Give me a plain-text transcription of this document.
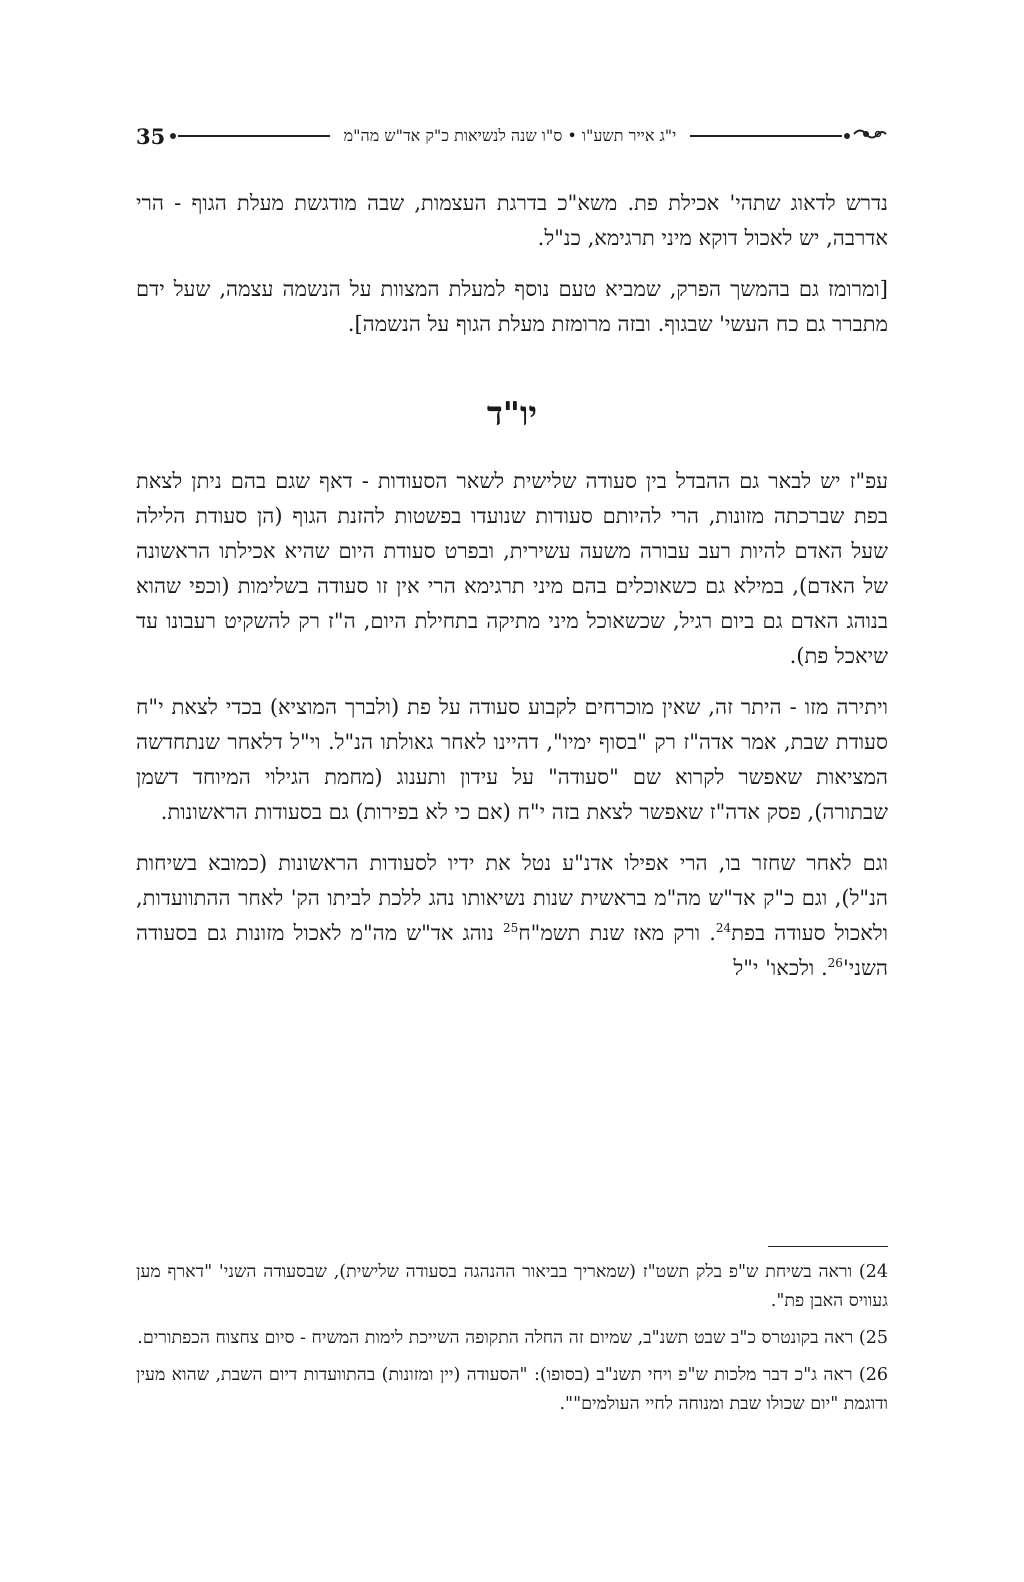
35	י"ג אייר תשע"ו • ס"ו שנה לנשיאות כ"ק אד"ש מה"מ

נדרש לדאוג שתהי' אכילת פת. משא"כ בדרגת העצמות, שבה מודגשת מעלת הגוף - הרי אדרבה, יש לאכול דוקא מיני תרגימא, כנ"ל.

[ומרומז גם בהמשך הפרק, שמביא טעם נוסף למעלת המצוות על הנשמה עצמה, שעל ידם מתברר גם כח העשי' שבגוף. ובזה מרומזת מעלת הגוף על הנשמה].

יו"ד

עפ"ז יש לבאר גם ההבדל בין סעודה שלישית לשאר הסעודות - דאף שגם בהם ניתן לצאת בפת שברכתה מזונות, הרי להיותם סעודות שנועדו בפשטות להזנת הגוף (הן סעודת הלילה שעל האדם להיות רעב עבורה משעה עשירית, ובפרט סעודת היום שהיא אכילתו הראשונה של האדם), במילא גם כשאוכלים בהם מיני תרגימא הרי אין זו סעודה בשלימות (וכפי שהוא בנוהג האדם גם ביום רגיל, שכשאוכל מיני מתיקה בתחילת היום, ה"ז רק להשקיט רעבונו עד שיאכל פת).

ויתירה מזו - היתר זה, שאין מוכרחים לקבוע סעודה על פת (ולברך המוציא) בכדי לצאת י"ח סעודת שבת, אמר אדה"ז רק "בסוף ימיו", דהיינו לאחר גאולתו הנ"ל. וי"ל דלאחר שנתחדשה המציאות שאפשר לקרוא שם "סעודה" על עידון ותענוג (מחמת הגילוי המיוחד דשמן שבתורה), פסק אדה"ז שאפשר לצאת בזה י"ח (אם כי לא בפירות) גם בסעודות הראשונות.

וגם לאחר שחזר בו, הרי אפילו אדנ"ע נטל את ידיו לסעודות הראשונות (כמובא בשיחות הנ"ל), וגם כ"ק אד"ש מה"מ בראשית שנות נשיאותו נהג ללכת לביתו הק' לאחר ההתוועדות, ולאכול סעודה בפת$^{24}$. ורק מאז שנת תשמ"ח$^{25}$ נוהג אד"ש מה"מ לאכול מזונות גם בסעודה $השני'^{26}$. ולכאו' י"ל

24) וראה בשיחת ש"פ בלק תשט"ז (שמאריך בביאור ההנהגה בסעודה שלישית), שבסעודה השני' "דארף מען געוויס האבן פת".

25) ראה בקונטרס כ"ב שבט תשנ"ב, שמיום זה החלה התקופה השייכת לימות המשיח - סיום צחצוח הכפתורים.

26) ראה ג"כ דבר מלכות ש"פ ויחי תשנ"ב (בסופו): "הסעודה (יין ומזונות) בהתוועדות דיום השבת, שהוא מעין ודוגמת "יום שכולו שבת ומנוחה לחיי העולמים"".
